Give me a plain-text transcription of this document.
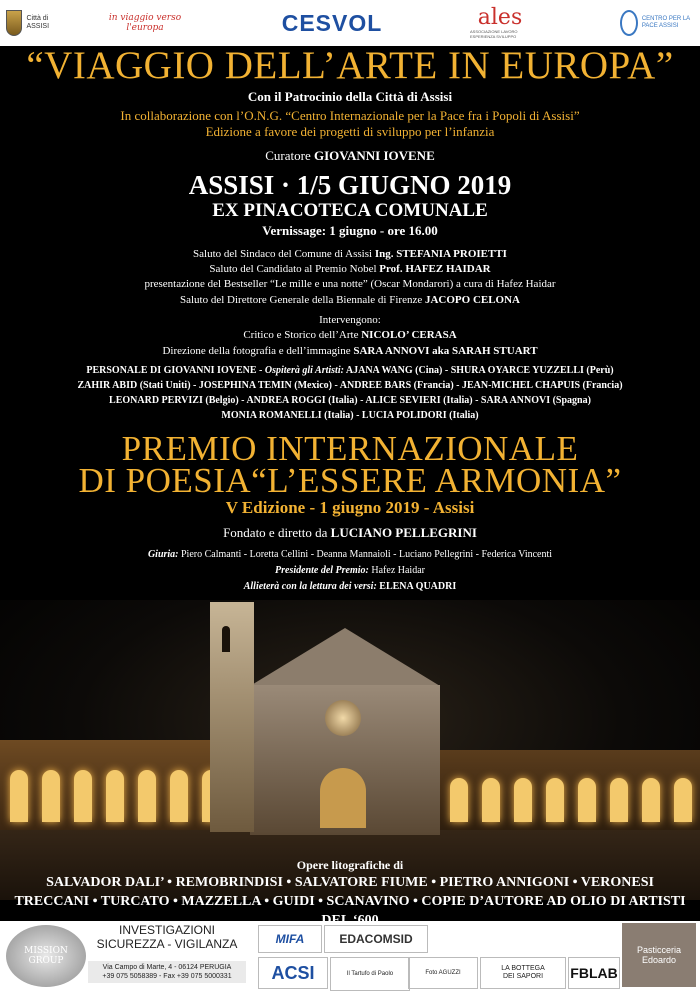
Città di ASSISI
in viaggio verso l'europa	CESVOL	ales
ASSOCIAZIONE LAVORO ESPERIENZA SVILUPPO
CENTRO PER LA PACE ASSISI
“VIAGGIO DELL’ARTE IN EUROPA”
Con il Patrocinio della Città di Assisi
In collaborazione con l’O.N.G. “Centro Internazionale per la Pace fra i Popoli di Assisi”
Edizione a favore dei progetti di sviluppo per l’infanzia
Curatore GIOVANNI IOVENE
ASSISI · 1/5 GIUGNO 2019
EX PINACOTECA COMUNALE
Vernissage: 1 giugno - ore 16.00
Saluto del Sindaco del Comune di Assisi Ing. STEFANIA PROIETTI
Saluto del Candidato al Premio Nobel Prof. HAFEZ HAIDAR
presentazione del Bestseller “Le mille e una notte” (Oscar Mondarori) a cura di Hafez Haidar
Saluto del Direttore Generale della Biennale di Firenze JACOPO CELONA
Intervengono:
Critico e Storico dell’Arte NICOLO’ CERASA
Direzione della fotografia e dell’immagine SARA ANNOVI aka SARAH STUART
PERSONALE DI GIOVANNI IOVENE - Ospiterà gli Artisti: AJANA WANG (Cina) - SHURA OYARCE YUZZELLI (Perù)
ZAHIR ABID (Stati Uniti) - JOSEPHINA TEMIN (Mexico) - ANDREE BARS (Francia) - JEAN-MICHEL CHAPUIS (Francia)
LEONARD PERVIZI (Belgio) - ANDREA ROGGI (Italia) - ALICE SEVIERI (Italia) - SARA ANNOVI (Spagna)
MONIA ROMANELLI (Italia) - LUCIA POLIDORI (Italia)
PREMIO INTERNAZIONALE
DI POESIA“L’ESSERE ARMONIA”
V Edizione - 1 giugno 2019 - Assisi
Fondato e diretto da LUCIANO PELLEGRINI
Giuria: Piero Calmanti - Loretta Cellini - Deanna Mannaioli - Luciano Pellegrini - Federica Vincenti
Presidente del Premio: Hafez Haidar
Allieterà con la lettura dei versi: ELENA QUADRI
Opere litografiche di
SALVADOR DALI’ • REMOBRINDISI • SALVATORE FIUME • PIETRO ANNIGONI • VERONESI
TRECCANI • TURCATO • MAZZELLA • GUIDI • SCANAVINO • COPIE D’AUTORE AD OLIO DI ARTISTI
MISSION
GROUP
INVESTIGAZIONI
SICUREZZA - VIGILANZA
Via Campo di Marte, 4 - 06124 PERUGIA
+39 075 5058389 - Fax +39 075 5000331
MIFA	EDACOMSID
ACSI	Il Tartufo di Paolo	Foto AGUZZI
LA BOTTEGA
DEI SAPORI FBLAB
Pasticceria
Edoardo
